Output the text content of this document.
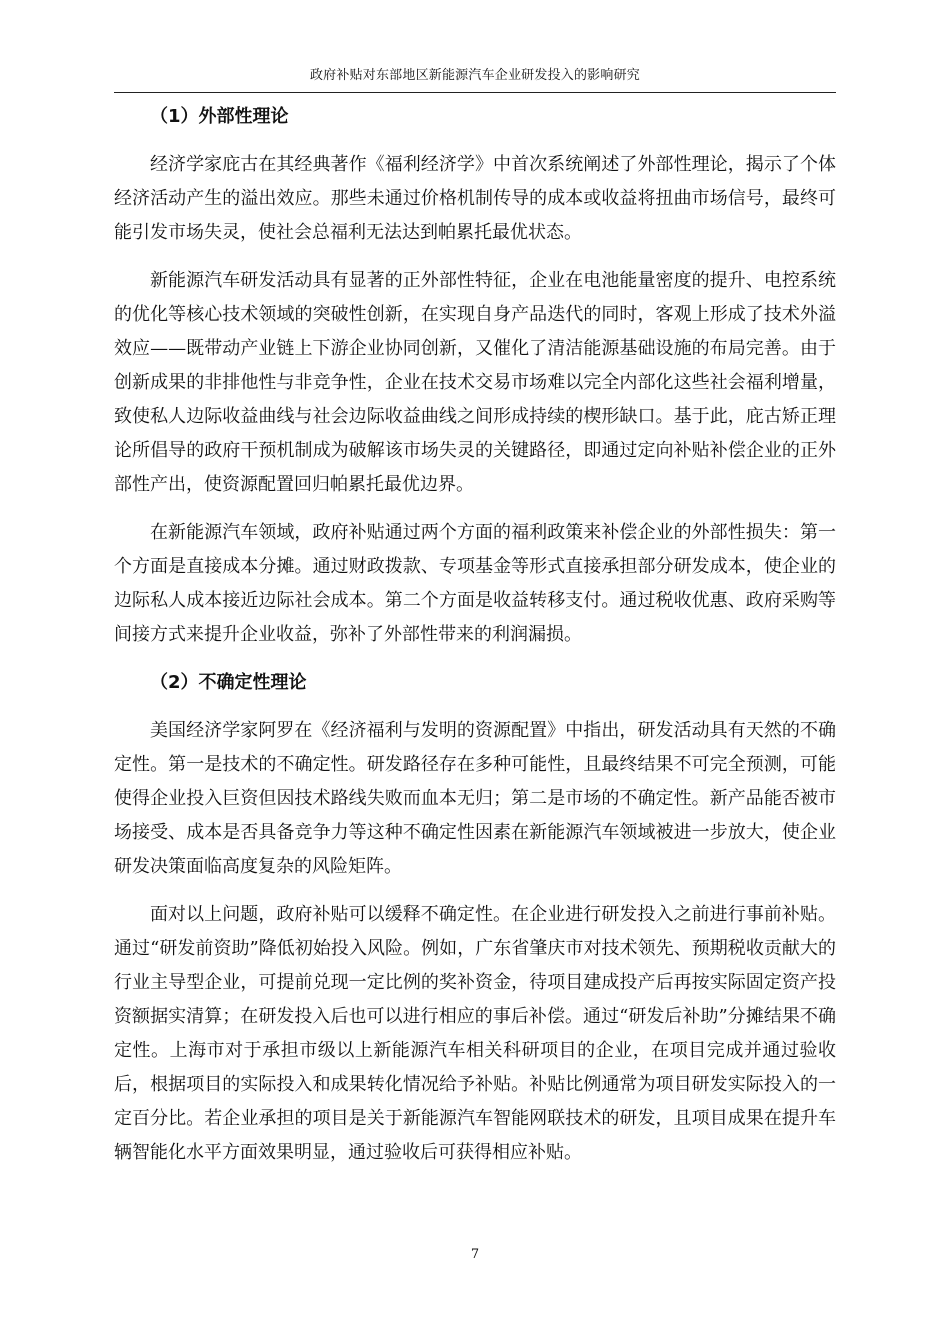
政府补贴对东部地区新能源汽车企业研发投入的影响研究
（1）外部性理论

经济学家庇古在其经典著作《福利经济学》中首次系统阐述了外部性理论，揭示了个体经济活动产生的溢出效应。那些未通过价格机制传导的成本或收益将扭曲市场信号，最终可能引发市场失灵，使社会总福利无法达到帕累托最优状态。

新能源汽车研发活动具有显著的正外部性特征，企业在电池能量密度的提升、电控系统的优化等核心技术领域的突破性创新，在实现自身产品迭代的同时，客观上形成了技术外溢效应——既带动产业链上下游企业协同创新，又催化了清洁能源基础设施的布局完善。由于创新成果的非排他性与非竞争性，企业在技术交易市场难以完全内部化这些社会福利增量，致使私人边际收益曲线与社会边际收益曲线之间形成持续的楔形缺口。基于此，庇古矫正理论所倡导的政府干预机制成为破解该市场失灵的关键路径，即通过定向补贴补偿企业的正外部性产出，使资源配置回归帕累托最优边界。

在新能源汽车领域，政府补贴通过两个方面的福利政策来补偿企业的外部性损失：第一个方面是直接成本分摊。通过财政拨款、专项基金等形式直接承担部分研发成本，使企业的边际私人成本接近边际社会成本。第二个方面是收益转移支付。通过税收优惠、政府采购等间接方式来提升企业收益，弥补了外部性带来的利润漏损。

（2）不确定性理论

美国经济学家阿罗在《经济福利与发明的资源配置》中指出，研发活动具有天然的不确定性。第一是技术的不确定性。研发路径存在多种可能性，且最终结果不可完全预测，可能使得企业投入巨资但因技术路线失败而血本无归；第二是市场的不确定性。新产品能否被市场接受、成本是否具备竞争力等这种不确定性因素在新能源汽车领域被进一步放大，使企业研发决策面临高度复杂的风险矩阵。

面对以上问题，政府补贴可以缓释不确定性。在企业进行研发投入之前进行事前补贴。通过“研发前资助”降低初始投入风险。例如，广东省肇庆市对技术领先、预期税收贡献大的行业主导型企业，可提前兑现一定比例的奖补资金，待项目建成投产后再按实际固定资产投资额据实清算；在研发投入后也可以进行相应的事后补偿。通过“研发后补助”分摊结果不确定性。上海市对于承担市级以上新能源汽车相关科研项目的企业，在项目完成并通过验收后，根据项目的实际投入和成果转化情况给予补贴。补贴比例通常为项目研发实际投入的一定百分比。若企业承担的项目是关于新能源汽车智能网联技术的研发，且项目成果在提升车辆智能化水平方面效果明显，通过验收后可获得相应补贴。

7
